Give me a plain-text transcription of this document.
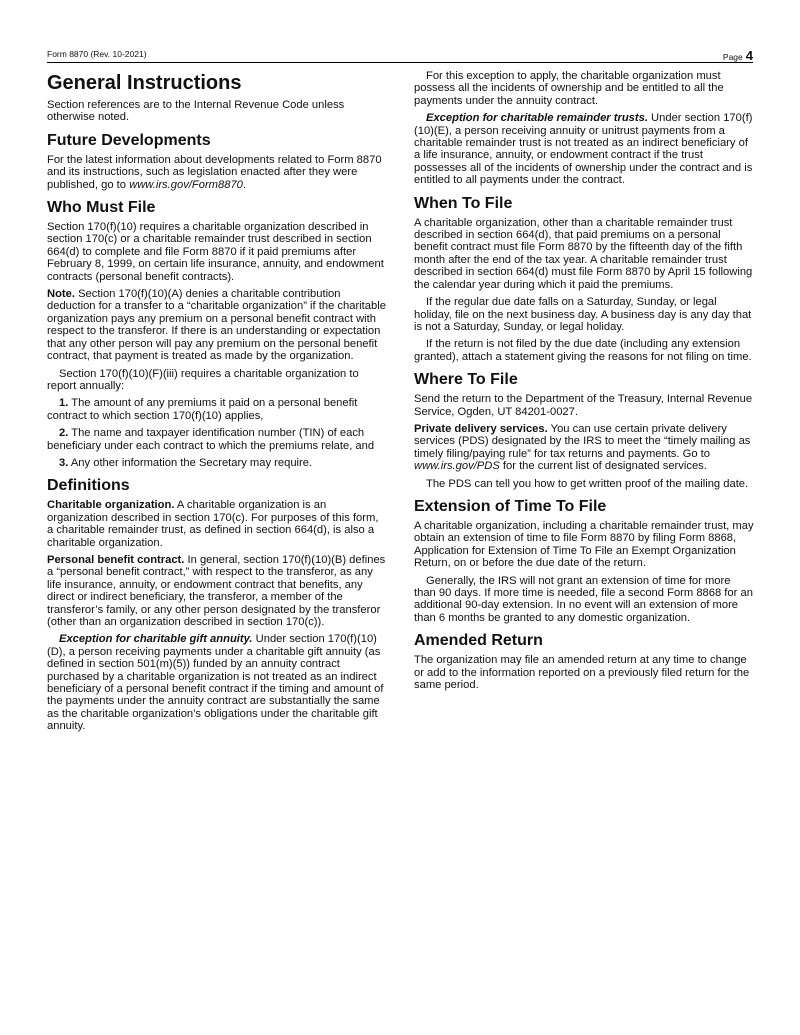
Form 8870 (Rev. 10-2021)	Page 4
General Instructions

Section references are to the Internal Revenue Code unless otherwise noted.

Future Developments

For the latest information about developments related to Form 8870 and its instructions, such as legislation enacted after they were published, go to www.irs.gov/Form8870.

Who Must File

Section 170(f)(10) requires a charitable organization described in section 170(c) or a charitable remainder trust described in section 664(d) to complete and file Form 8870 if it paid premiums after February 8, 1999, on certain life insurance, annuity, and endowment contracts (personal benefit contracts).

Note. Section 170(f)(10)(A) denies a charitable contribution deduction for a transfer to a “charitable organization” if the charitable organization pays any premium on a personal benefit contract with respect to the transferor. If there is an understanding or expectation that any other person will pay any premium on the personal benefit contract, that payment is treated as made by the organization.

Section 170(f)(10)(F)(iii) requires a charitable organization to report annually:

1. The amount of any premiums it paid on a personal benefit contract to which section 170(f)(10) applies,

2. The name and taxpayer identification number (TIN) of each beneficiary under each contract to which the premiums relate, and

3. Any other information the Secretary may require.

Definitions

Charitable organization. A charitable organization is an organization described in section 170(c). For purposes of this form, a charitable remainder trust, as defined in section 664(d), is also a charitable organization.

Personal benefit contract. In general, section 170(f)(10)(B) defines a “personal benefit contract,” with respect to the transferor, as any life insurance, annuity, or endowment contract that benefits, any direct or indirect beneficiary, the transferor, a member of the transferor’s family, or any other person designated by the transferor (other than an organization described in section 170(c)).

Exception for charitable gift annuity. Under section 170(f)(10)(D), a person receiving payments under a charitable gift annuity (as defined in section 501(m)(5)) funded by an annuity contract purchased by a charitable organization is not treated as an indirect beneficiary of a personal benefit contract if the timing and amount of the payments under the annuity contract are substantially the same as the charitable organization’s obligations under the charitable gift annuity.

For this exception to apply, the charitable organization must possess all the incidents of ownership and be entitled to all the payments under the annuity contract.

Exception for charitable remainder trusts. Under section 170(f)(10)(E), a person receiving annuity or unitrust payments from a charitable remainder trust is not treated as an indirect beneficiary of a life insurance, annuity, or endowment contract if the trust possesses all of the incidents of ownership under the contract and is entitled to all payments under the contract.

When To File

A charitable organization, other than a charitable remainder trust described in section 664(d), that paid premiums on a personal benefit contract must file Form 8870 by the fifteenth day of the fifth month after the end of the tax year. A charitable remainder trust described in section 664(d) must file Form 8870 by April 15 following the calendar year during which it paid the premiums.

If the regular due date falls on a Saturday, Sunday, or legal holiday, file on the next business day. A business day is any day that is not a Saturday, Sunday, or legal holiday.

If the return is not filed by the due date (including any extension granted), attach a statement giving the reasons for not filing on time.

Where To File

Send the return to the Department of the Treasury, Internal Revenue Service, Ogden, UT 84201-0027.

Private delivery services. You can use certain private delivery services (PDS) designated by the IRS to meet the “timely mailing as timely filing/paying rule” for tax returns and payments. Go to www.irs.gov/PDS for the current list of designated services.

The PDS can tell you how to get written proof of the mailing date.

Extension of Time To File

A charitable organization, including a charitable remainder trust, may obtain an extension of time to file Form 8870 by filing Form 8868, Application for Extension of Time To File an Exempt Organization Return, on or before the due date of the return.

Generally, the IRS will not grant an extension of time for more than 90 days. If more time is needed, file a second Form 8868 for an additional 90-day extension. In no event will an extension of more than 6 months be granted to any domestic organization.

Amended Return

The organization may file an amended return at any time to change or add to the information reported on a previously filed return for the same period.
